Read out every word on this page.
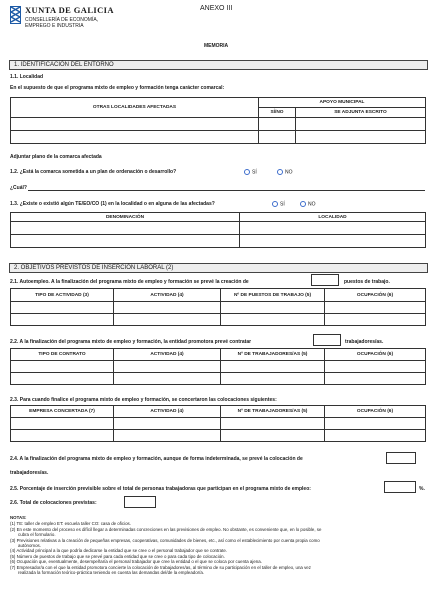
XUNTA DE GALICIA
CONSELLERÍA DE ECONOMÍA,
EMPREGO E INDUSTRIA
ANEXO III
MEMORIA
1. IDENTIFICACIÓN DEL ENTORNO
1.1. Localidad
En el supuesto de que el programa mixto de empleo y formación tenga carácter comarcal:
OTRAS LOCALIDADES AFECTADAS	APOYO MUNICIPAL	
	SÍ/NO	SE ADJUNTA ESCRITO

Adjuntar plano de la comarca afectada
1.2. ¿Está la comarca sometida a un plan de ordenación o desarrollo?	SÍ	NO
¿Cuál?
1.3. ¿Existe o existió algún TE/EO/CO (1) en la localidad o en alguna de las afectadas?	SÍ	NO
DENOMINACIÓN	LOCALIDAD

2. OBJETIVOS PREVISTOS DE INSERCIÓN LABORAL (2)
2.1. Autoempleo. A la finalización del programa mixto de empleo y formación se prevé la creación de	puestos de trabajo.
TIPO DE ACTIVIDAD (3)	ACTIVIDAD (4)	Nº DE PUESTOS DE TRABAJO (5)	OCUPACIÓN (6)

2.2. A la finalización del programa mixto de empleo y formación, la entidad promotora prevé contratar	trabajadores/as.
TIPO DE CONTRATO	ACTIVIDAD (4)	Nº DE TRABAJADORES/AS (5)	OCUPACIÓN (6)

2.3. Para cuando finalice el programa mixto de empleo y formación, se concertaron las colocaciones siguientes:
EMPRESA CONCERTADA (7)	ACTIVIDAD (4)	Nº DE TRABAJADORES/AS (5)	OCUPACIÓN (6)

2.4. A la finalización del programa mixto de empleo y formación, aunque de forma indeterminada, se prevé la colocación de
trabajadores/as.
2.5. Porcentaje de inserción previsible sobre el total de personas trabajadoras que participan en el programa mixto de empleo:	%.
2.6. Total de colocaciones previstas:
NOTAS:
(1) TE: taller de empleo ET: escuela taller CO: casa de oficios.
(2) En este momento del proceso es difícil llegar a determinadas concreciones en las previsiones de empleo. No obstante, es conveniente que, en lo posible, se
cubra el formulario.
(3) Previsiones relativas a la creación de pequeñas empresas, cooperativas, comunidades de bienes, etc., así como el establecimiento por cuenta propia como
autónomos.
(4) Actividad principal a la que podría dedicarse la entidad que se cree o el personal trabajador que se contrate.
(5) Número de puestos de trabajo que se prevé para cada entidad que se cree o para cada tipo de colocación.
(6) Ocupación que, eventualmente, desempeñaría el personal trabajador que cree la entidad o el que se coloca por cuenta ajena.
(7) Empresador/a con el que la entidad promotora concierte la colocación de trabajadores/as, al término de su participación en el taller de empleo, una vez
realizada la formación teórico-práctica teniendo en cuenta las demandas del/de la empleador/a.
